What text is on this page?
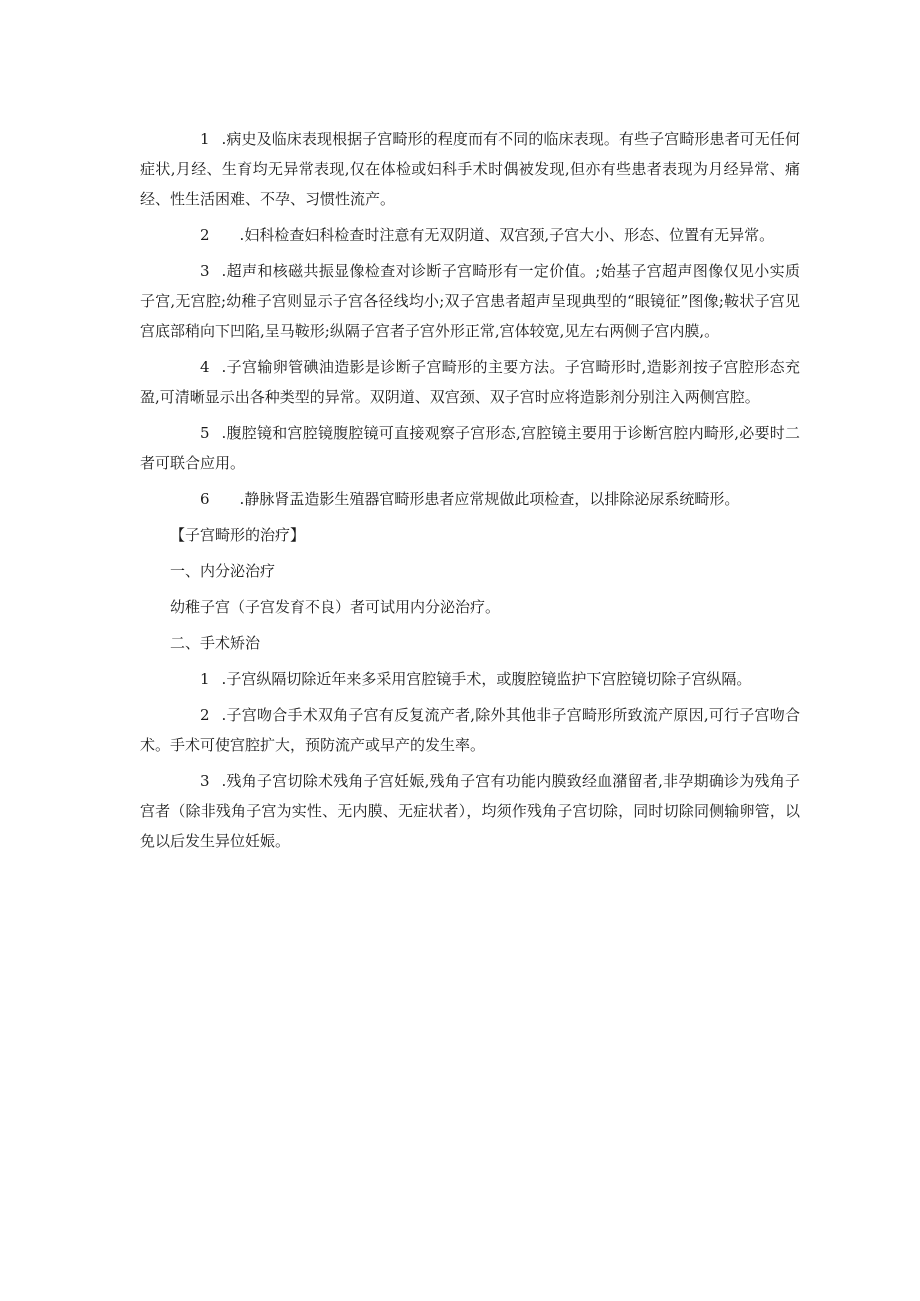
1 .病史及临床表现根据子宫畸形的程度而有不同的临床表现。有些子宫畸形患者可无任何症状,月经、生育均无异常表现,仅在体检或妇科手术时偶被发现,但亦有些患者表现为月经异常、痛经、性生活困难、不孕、习惯性流产。

2 .妇科检查妇科检查时注意有无双阴道、双宫颈,子宫大小、形态、位置有无异常。

3 .超声和核磁共振显像检查对诊断子宫畸形有一定价值。;始基子宫超声图像仅见小实质子宫,无宫腔;幼稚子宫则显示子宫各径线均小;双子宫患者超声呈现典型的“眼镜征”图像;鞍状子宫见宫底部稍向下凹陷,呈马鞍形;纵隔子宫者子宫外形正常,宫体较宽,见左右两侧子宫内膜,。

4 .子宫输卵管碘油造影是诊断子宫畸形的主要方法。子宫畸形时,造影剂按子宫腔形态充盈,可清晰显示出各种类型的异常。双阴道、双宫颈、双子宫时应将造影剂分别注入两侧宫腔。

5 .腹腔镜和宫腔镜腹腔镜可直接观察子宫形态,宫腔镜主要用于诊断宫腔内畸形,必要时二者可联合应用。

6 .静脉肾盂造影生殖器官畸形患者应常规做此项检查，以排除泌尿系统畸形。

【子宫畸形的治疗】

一、内分泌治疗

幼稚子宫（子宫发育不良）者可试用内分泌治疗。

二、手术矫治

1 .子宫纵隔切除近年来多采用宫腔镜手术，或腹腔镜监护下宫腔镜切除子宫纵隔。

2 .子宫吻合手术双角子宫有反复流产者,除外其他非子宫畸形所致流产原因,可行子宫吻合术。手术可使宫腔扩大，预防流产或早产的发生率。

3 .残角子宫切除术残角子宫妊娠,残角子宫有功能内膜致经血潴留者,非孕期确诊为残角子宫者（除非残角子宫为实性、无内膜、无症状者），均须作残角子宫切除，同时切除同侧输卵管，以免以后发生异位妊娠。
